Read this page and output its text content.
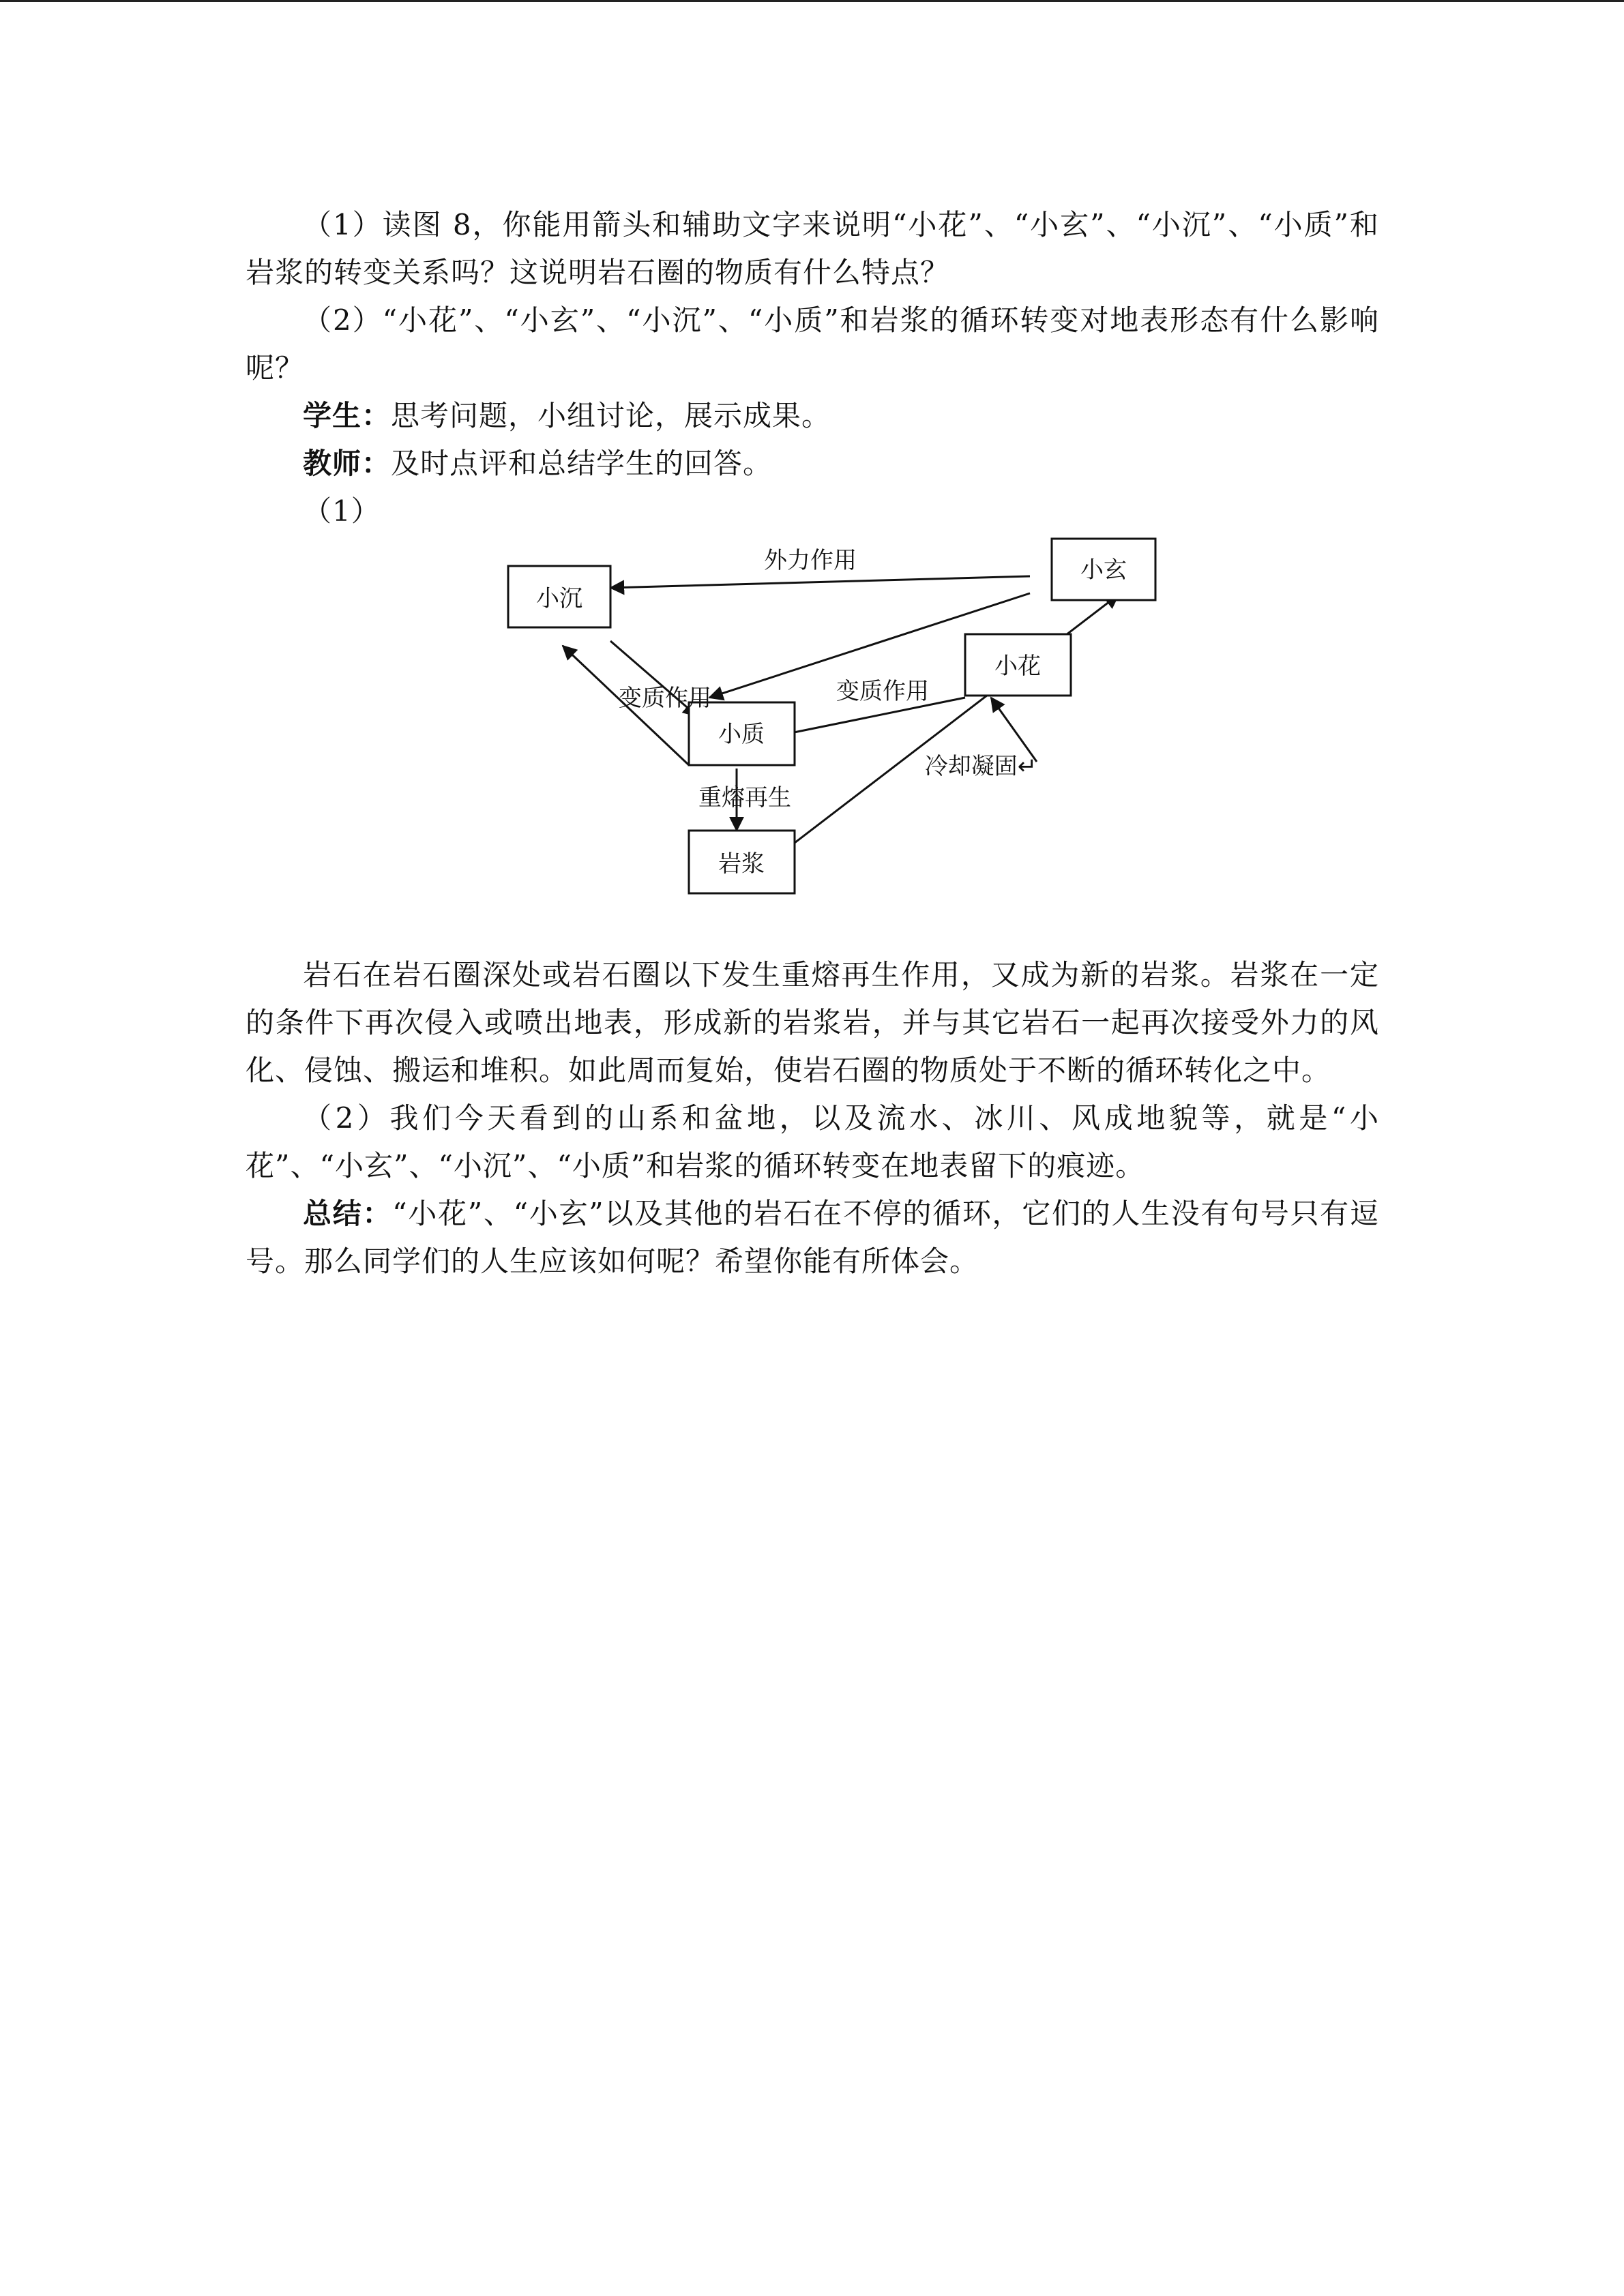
（1）读图 8，你能用箭头和辅助文字来说明“小花”、“小玄”、“小沉”、“小质”和岩浆的转变关系吗？这说明岩石圈的物质有什么特点？

（2）“小花”、“小玄”、“小沉”、“小质”和岩浆的循环转变对地表形态有什么影响呢？

学生：思考问题，小组讨论，展示成果。

教师：及时点评和总结学生的回答。

（1）

小沉
小玄
小花
小质
岩浆
外力作用
变质作用	变质作用
重熔再生
冷却凝固↵

岩石在岩石圈深处或岩石圈以下发生重熔再生作用，又成为新的岩浆。岩浆在一定的条件下再次侵入或喷出地表，形成新的岩浆岩，并与其它岩石一起再次接受外力的风化、侵蚀、搬运和堆积。如此周而复始，使岩石圈的物质处于不断的循环转化之中。

（2）我们今天看到的山系和盆地，以及流水、冰川、风成地貌等，就是“小花”、“小玄”、“小沉”、“小质”和岩浆的循环转变在地表留下的痕迹。

总结：“小花”、“小玄”以及其他的岩石在不停的循环，它们的人生没有句号只有逗号。那么同学们的人生应该如何呢？希望你能有所体会。
